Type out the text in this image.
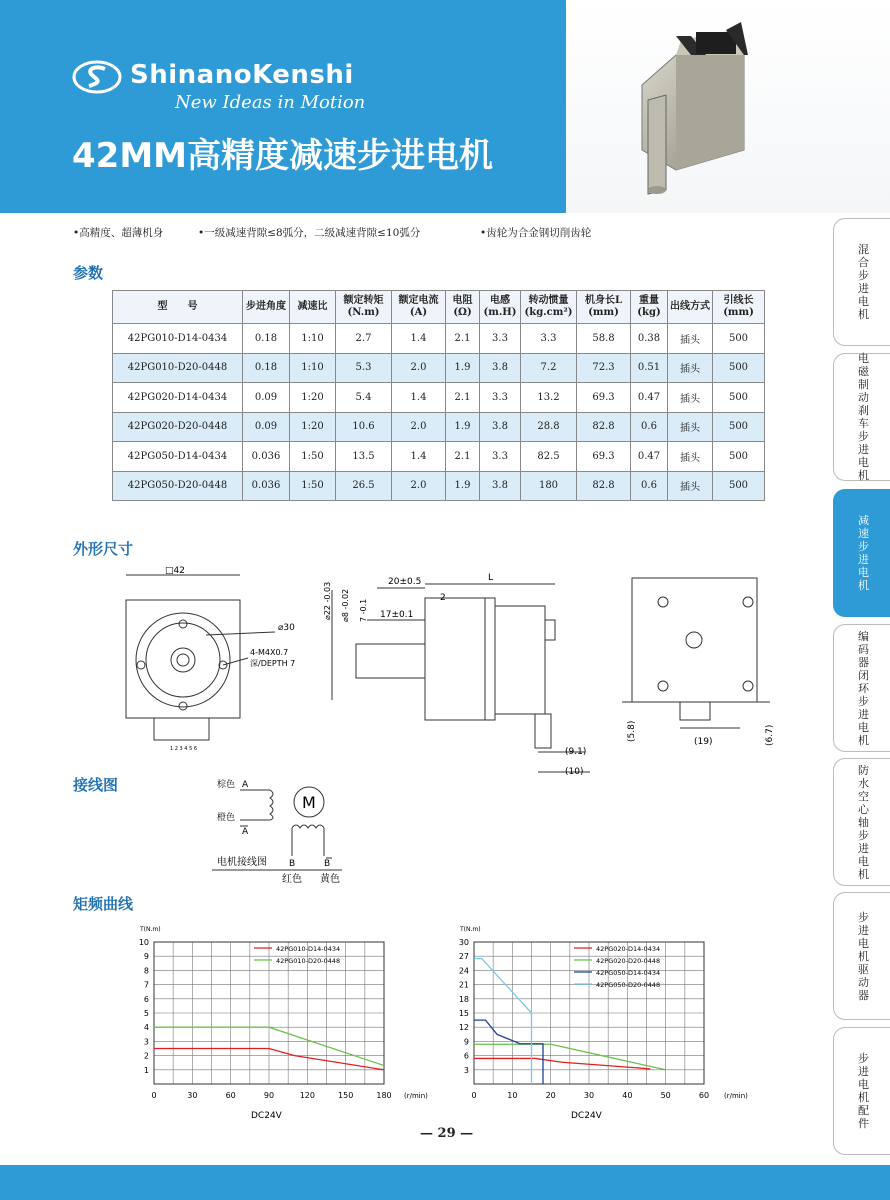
ShinanoKenshi
New Ideas in Motion
42MM高精度减速步进电机
•高精度、超薄机身	•一级减速背隙≤8弧分，二级减速背隙≤10弧分	•齿轮为合金钢切削齿轮
参数
型　　号	步进角度	减速比	额定转矩 (N.m)	额定电流 (A)	电阻 (Ω)	电感 (m.H)	转动惯量 (kg.cm²)	机身长L (mm)	重量 (kg)	出线方式	引线长 (mm)
42PG010-D14-0434	0.18	1:10	2.7	1.4	2.1	3.3	3.3	58.8	0.38	插头	500
42PG010-D20-0448	0.18	1:10	5.3	2.0	1.9	3.8	7.2	72.3	0.51	插头	500
42PG020-D14-0434	0.09	1:20	5.4	1.4	2.1	3.3	13.2	69.3	0.47	插头	500
42PG020-D20-0448	0.09	1:20	10.6	2.0	1.9	3.8	28.8	82.8	0.6	插头	500
42PG050-D14-0434	0.036	1:50	13.5	1.4	2.1	3.3	82.5	69.3	0.47	插头	500
42PG050-D20-0448	0.036	1:50	26.5	2.0	1.9	3.8	180	82.8	0.6	插头	500
外形尺寸
□42
⌀30
4-M4X0.7
深/DEPTH 7
1 2 3 4 5 6
20±0.5	L
2
17±0.1
⌀22 -0.03 ⌀8 -0.02 7 -0.1
(9.1)
(10)
(5.8)	(19)	(6.7)
接线图	棕色 A
橙色
A
M
电机接线图 B	B
红色 黄色
矩频曲线
0	30	60	90	120	150	180
1
2
3
4
5
6
7
8
9
10
T(N.m)
(r/min)
DC24V
42PG010-D14-0434
42PG010-D20-0448
0	10	20	30	40	50	60
3
6
9
12
15
18
21
24
27
30
T(N.m)
(r/min)
DC24V
42PG020-D14-0434
42PG020-D20-0448
42PG050-D14-0434
42PG050-D20-0448
— 29 —
混合步进电机
电磁制动刹车步进电机
减速步进电机
编码器闭环步进电机
防水空心轴步进电机
步进电机驱动器
步进电机配件
